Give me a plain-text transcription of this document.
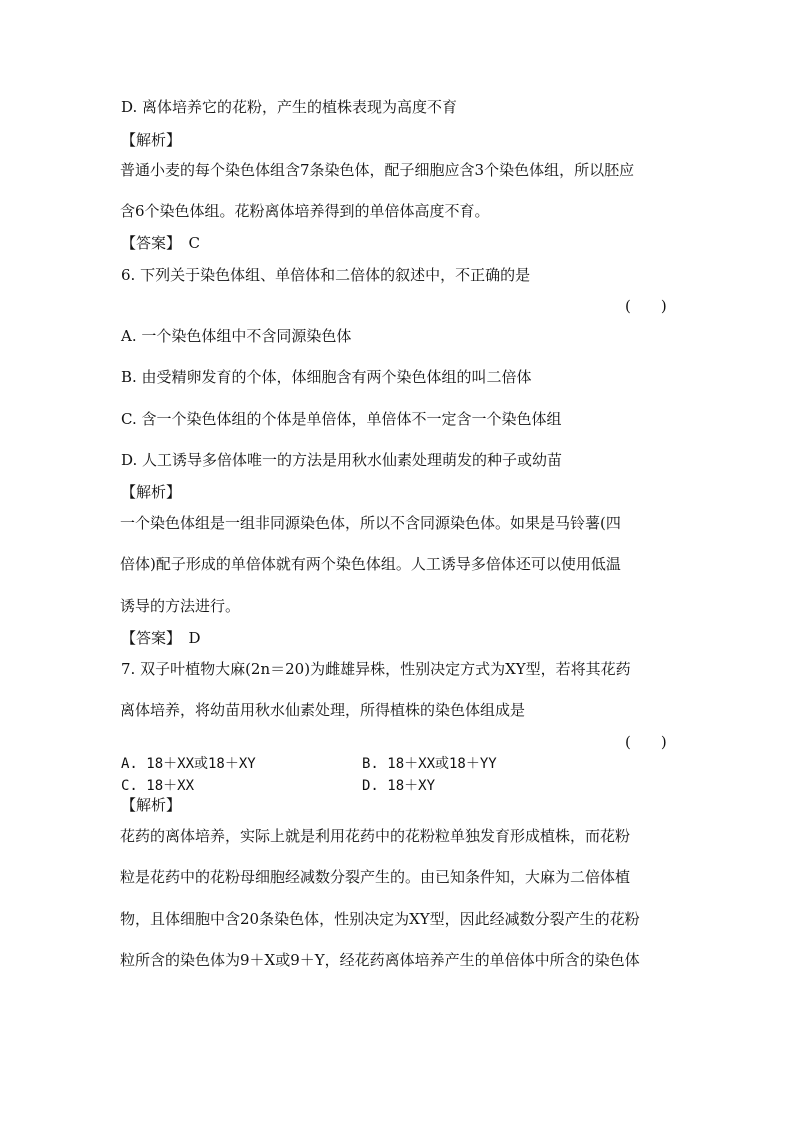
D. 离体培养它的花粉，产生的植株表现为高度不育
【解析】
普通小麦的每个染色体组含7条染色体，配子细胞应含3个染色体组，所以胚应
含6个染色体组。花粉离体培养得到的单倍体高度不育。
【答案】　C
6. 下列关于染色体组、单倍体和二倍体的叙述中，不正确的是
(　　)
A. 一个染色体组中不含同源染色体
B. 由受精卵发育的个体，体细胞含有两个染色体组的叫二倍体
C. 含一个染色体组的个体是单倍体，单倍体不一定含一个染色体组
D. 人工诱导多倍体唯一的方法是用秋水仙素处理萌发的种子或幼苗
【解析】
一个染色体组是一组非同源染色体，所以不含同源染色体。如果是马铃薯(四
倍体)配子形成的单倍体就有两个染色体组。人工诱导多倍体还可以使用低温
诱导的方法进行。
【答案】　D
7. 双子叶植物大麻(2n＝20)为雌雄异株，性别决定方式为XY型，若将其花药
离体培养，将幼苗用秋水仙素处理，所得植株的染色体组成是
(　　)
A. 18＋XX或18＋XY	B. 18＋XX或18＋YY
C. 18＋XX	D. 18＋XY
【解析】
花药的离体培养，实际上就是利用花药中的花粉粒单独发育形成植株，而花粉
粒是花药中的花粉母细胞经减数分裂产生的。由已知条件知，大麻为二倍体植
物，且体细胞中含20条染色体，性别决定为XY型，因此经减数分裂产生的花粉
粒所含的染色体为9＋X或9＋Y，经花药离体培养产生的单倍体中所含的染色体
